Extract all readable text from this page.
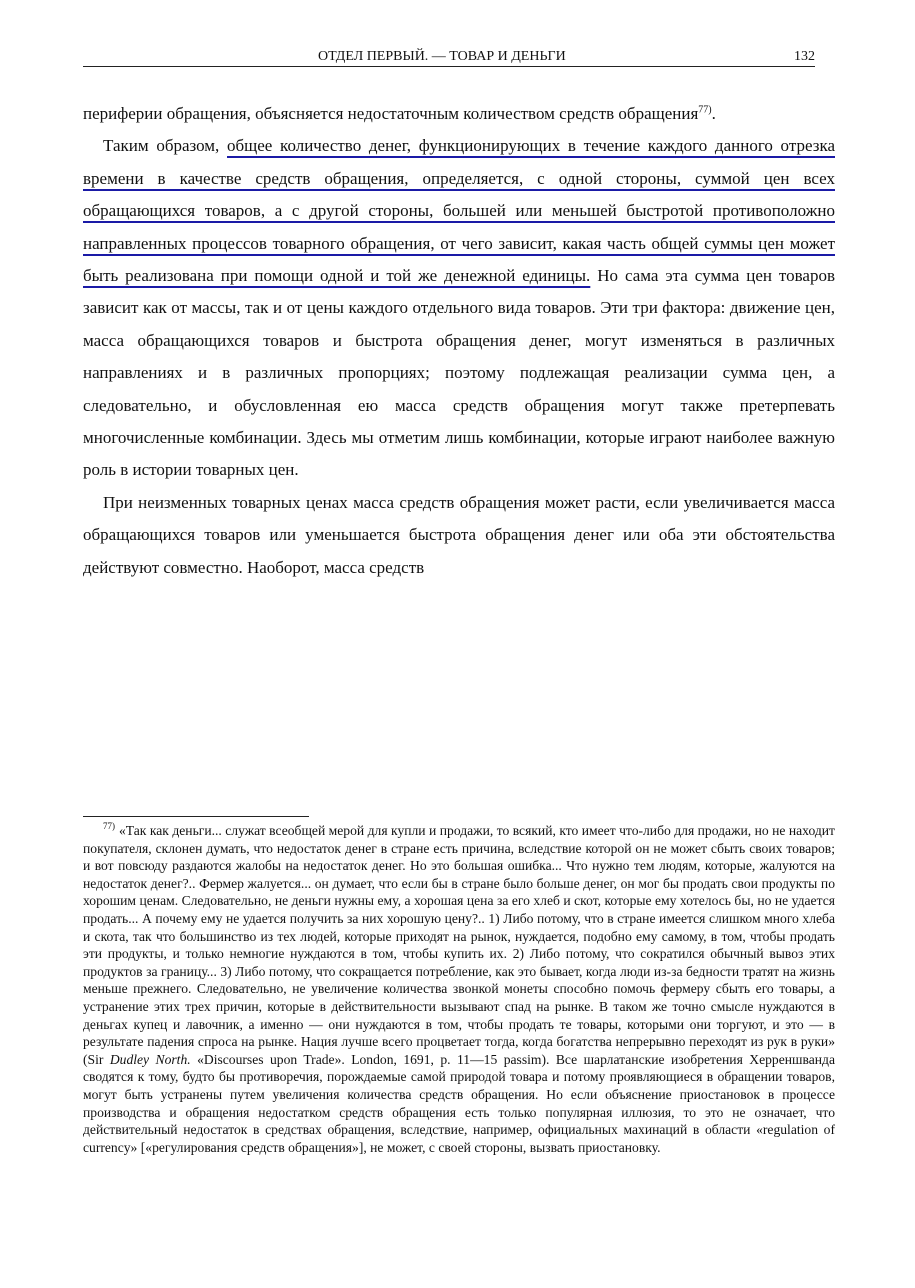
ОТДЕЛ ПЕРВЫЙ. — ТОВАР И ДЕНЬГИ	132

периферии обращения, объясняется недостаточным количеством средств обращения$^{77)}$.

Таким образом, общее количество денег, функционирующих в течение каждого данного отрезка времени в качестве средств обращения, определяется, с одной стороны, суммой цен всех обращающихся товаров, а с другой стороны, большей или меньшей быстротой противоположно направленных процессов товарного обращения, от чего зависит, какая часть общей суммы цен может быть реализована при помощи одной и той же денежной единицы. Но сама эта сумма цен товаров зависит как от массы, так и от цены каждого отдельного вида товаров. Эти три фактора: движение цен, масса обращающихся товаров и быстрота обращения денег, могут изменяться в различных направлениях и в различных пропорциях; поэтому подлежащая реализации сумма цен, а следовательно, и обусловленная ею масса средств обращения могут также претерпевать многочисленные комбинации. Здесь мы отметим лишь комбинации, которые играют наиболее важную роль в истории товарных цен.

При неизменных товарных ценах масса средств обращения может расти, если увеличивается масса обращающихся товаров или уменьшается быстрота обращения денег или оба эти обстоятельства действуют совместно. Наоборот, масса средств

$^{77)}$ «Так как деньги... служат всеобщей мерой для купли и продажи, то всякий, кто имеет что-либо для продажи, но не находит покупателя, склонен думать, что недостаток денег в стране есть причина, вследствие которой он не может сбыть своих товаров; и вот повсюду раздаются жалобы на недостаток денег. Но это большая ошибка... Что нужно тем людям, которые, жалуются на недостаток денег?.. Фермер жалуется... он думает, что если бы в стране было больше денег, он мог бы продать свои продукты по хорошим ценам. Следовательно, не деньги нужны ему, а хорошая цена за его хлеб и скот, которые ему хотелось бы, но не удается продать... А почему ему не удается получить за них хорошую цену?.. 1) Либо потому, что в стране имеется слишком много хлеба и скота, так что большинство из тех людей, которые приходят на рынок, нуждается, подобно ему самому, в том, чтобы продать эти продукты, и только немногие нуждаются в том, чтобы купить их. 2) Либо потому, что сократился обычный вывоз этих продуктов за границу... 3) Либо потому, что сокращается потребление, как это бывает, когда люди из-за бедности тратят на жизнь меньше прежнего. Следовательно, не увеличение количества звонкой монеты способно помочь фермеру сбыть его товары, а устранение этих трех причин, которые в действительности вызывают спад на рынке. В таком же точно смысле нуждаются в деньгах купец и лавочник, а именно — они нуждаются в том, чтобы продать те товары, которыми они торгуют, и это — в результате падения спроса на рынке. Нация лучше всего процветает тогда, когда богатства непрерывно переходят из рук в руки» (Sir Dudley North. «Discourses upon Trade». London, 1691, p. 11—15 passim). Все шарлатанские изобретения Херреншванда сводятся к тому, будто бы противоречия, порождаемые самой природой товара и потому проявляющиеся в обращении товаров, могут быть устранены путем увеличения количества средств обращения. Но если объяснение приостановок в процессе производства и обращения недостатком средств обращения есть только популярная иллюзия, то это не означает, что действительный недостаток в средствах обращения, вследствие, например, официальных махинаций в области «regulation of currency» [«регулирования средств обращения»], не может, с своей стороны, вызвать приостановку.
